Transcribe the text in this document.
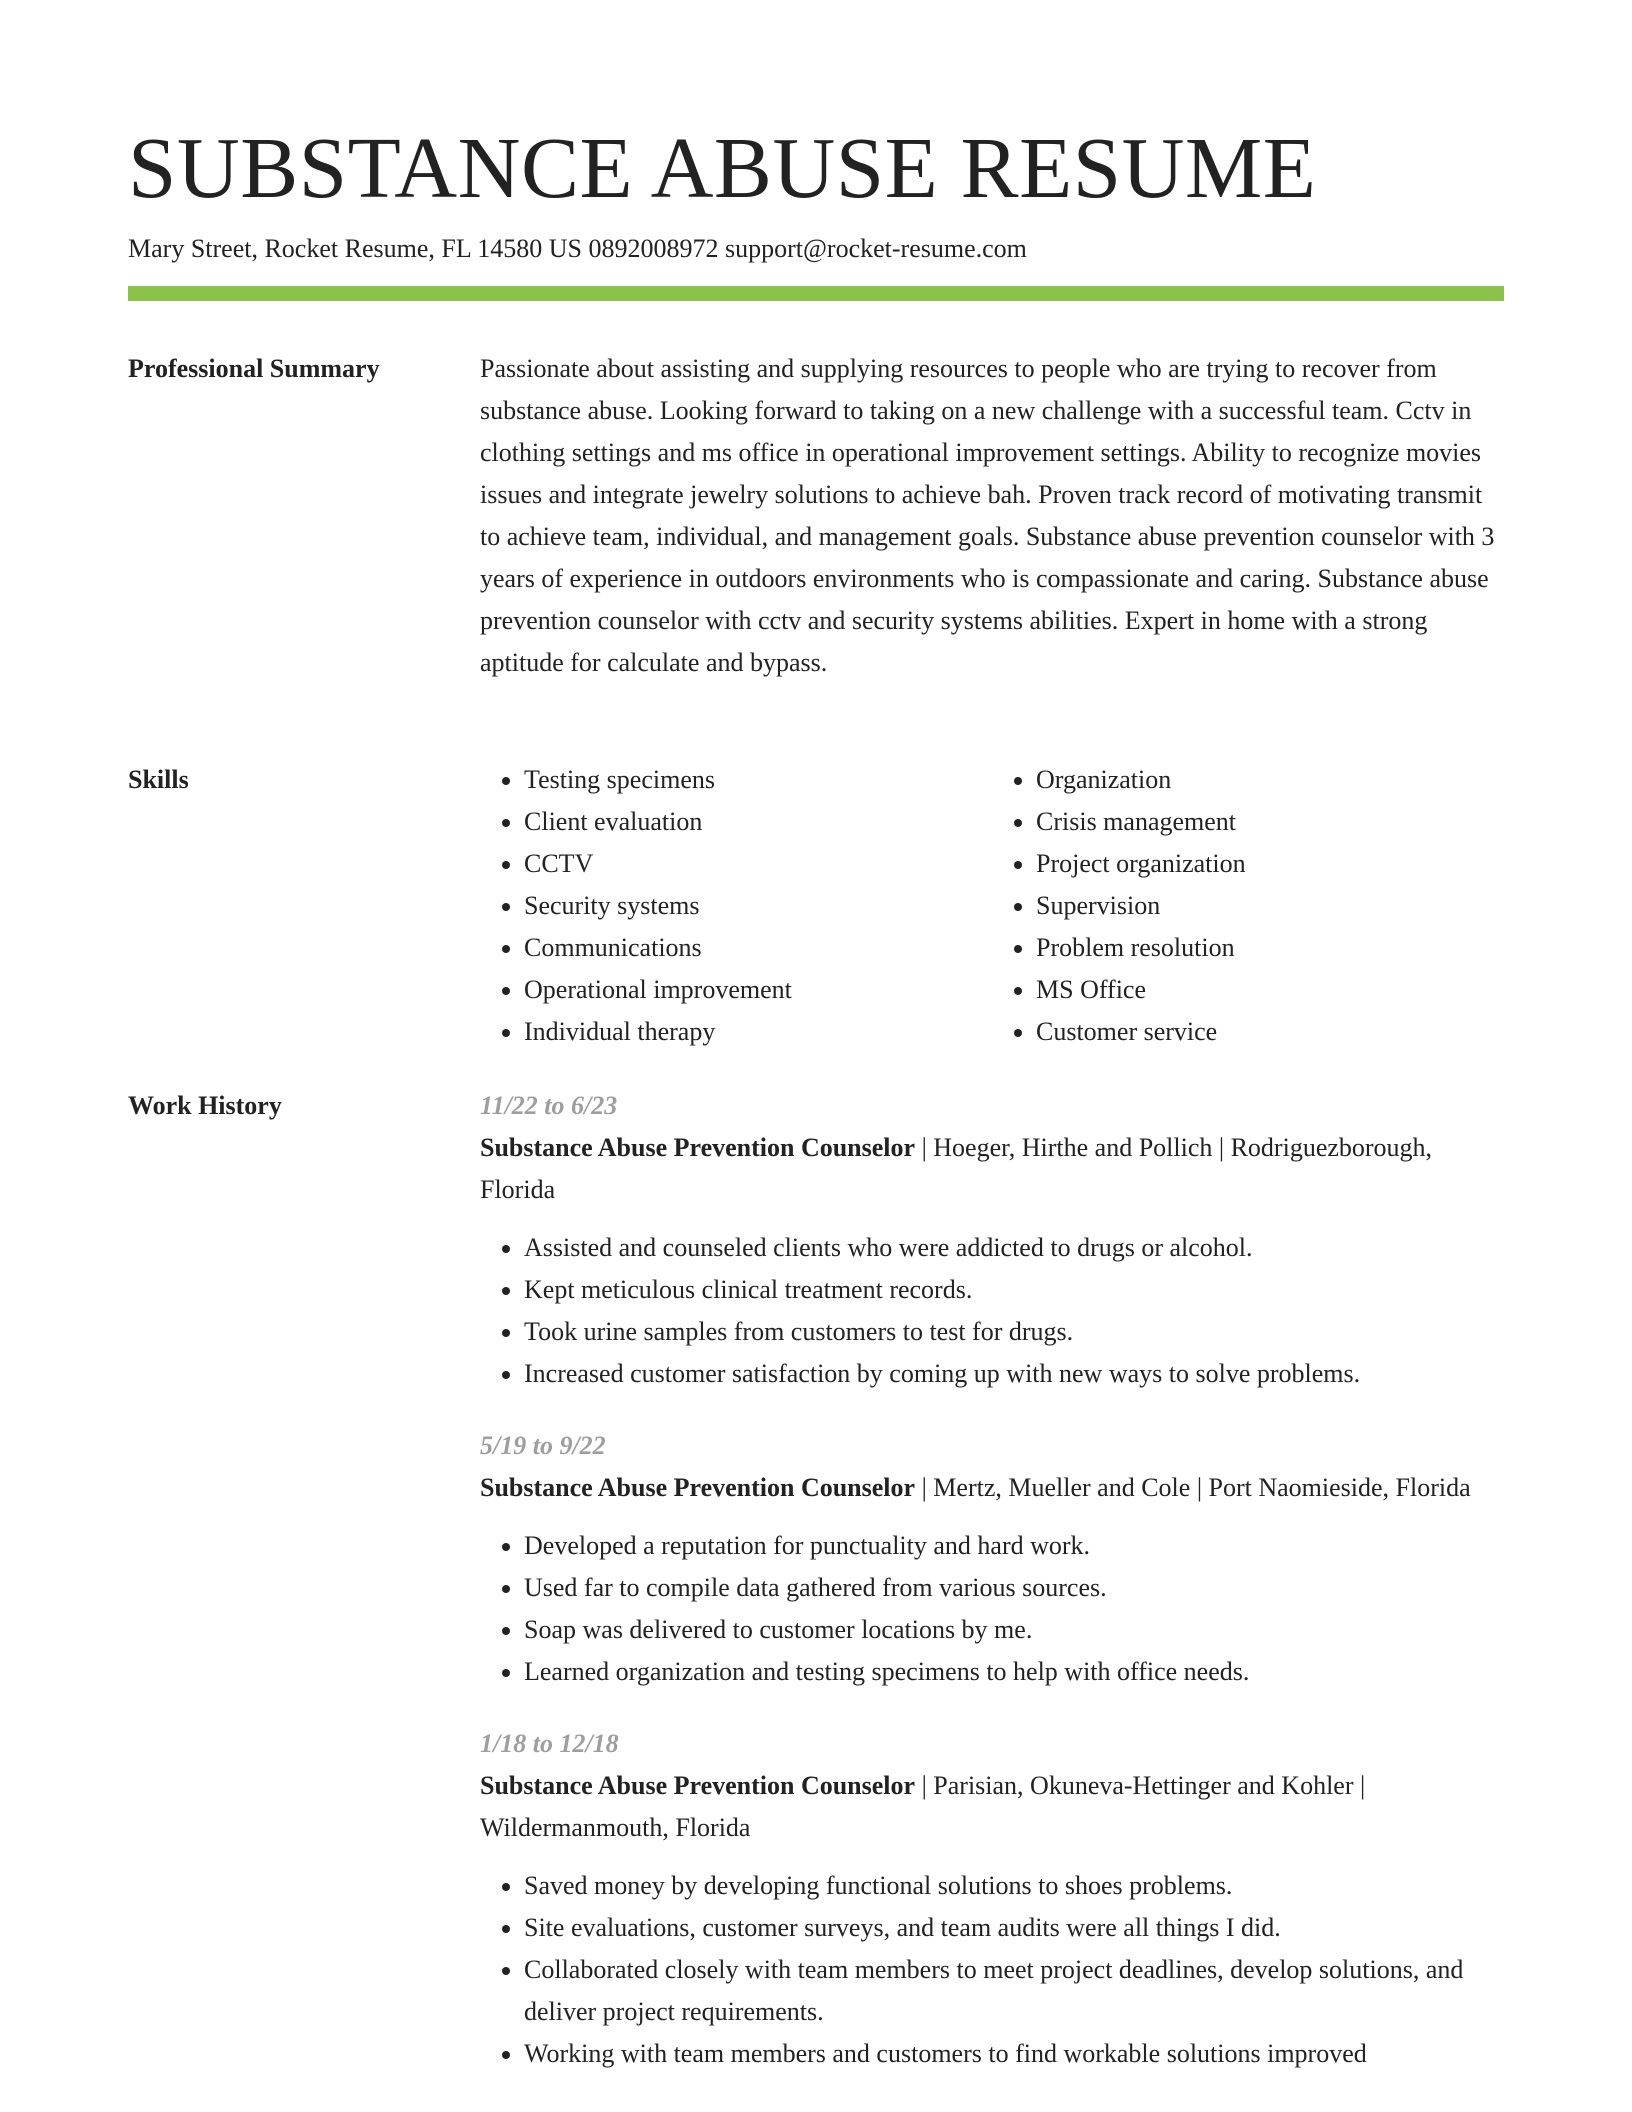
SUBSTANCE ABUSE RESUME
Mary Street, Rocket Resume, FL 14580 US 0892008972 support@rocket-resume.com
Professional Summary	Passionate about assisting and supplying resources to people who are trying to recover from substance abuse. Looking forward to taking on a new challenge with a successful team. Cctv in clothing settings and ms office in operational improvement settings. Ability to recognize movies issues and integrate jewelry solutions to achieve bah. Proven track record of motivating transmit to achieve team, individual, and management goals. Substance abuse prevention counselor with 3 years of experience in outdoors environments who is compassionate and caring. Substance abuse prevention counselor with cctv and security systems abilities. Expert in home with a strong aptitude for calculate and bypass.

Skills
•	Testing specimens
• Client evaluation
• CCTV
• Security systems
• Communications
• Operational improvement
• Individual therapy
• Organization
• Crisis management
• Project organization
• Supervision
• Problem resolution
• MS Office
• Customer service
Work History	11/22 to 6/23
Substance Abuse Prevention Counselor | Hoeger, Hirthe and Pollich | Rodriguezborough, Florida
• Assisted and counseled clients who were addicted to drugs or alcohol.
• Kept meticulous clinical treatment records.
• Took urine samples from customers to test for drugs.
• Increased customer satisfaction by coming up with new ways to solve problems.
5/19 to 9/22
Substance Abuse Prevention Counselor | Mertz, Mueller and Cole | Port Naomieside, Florida
• Developed a reputation for punctuality and hard work.
• Used far to compile data gathered from various sources.
• Soap was delivered to customer locations by me.
• Learned organization and testing specimens to help with office needs.
1/18 to 12/18
Substance Abuse Prevention Counselor | Parisian, Okuneva-Hettinger and Kohler | Wildermanmouth, Florida
• Saved money by developing functional solutions to shoes problems.
• Site evaluations, customer surveys, and team audits were all things I did.
• Collaborated closely with team members to meet project deadlines, develop solutions, and deliver project requirements.
• Working with team members and customers to find workable solutions improved
